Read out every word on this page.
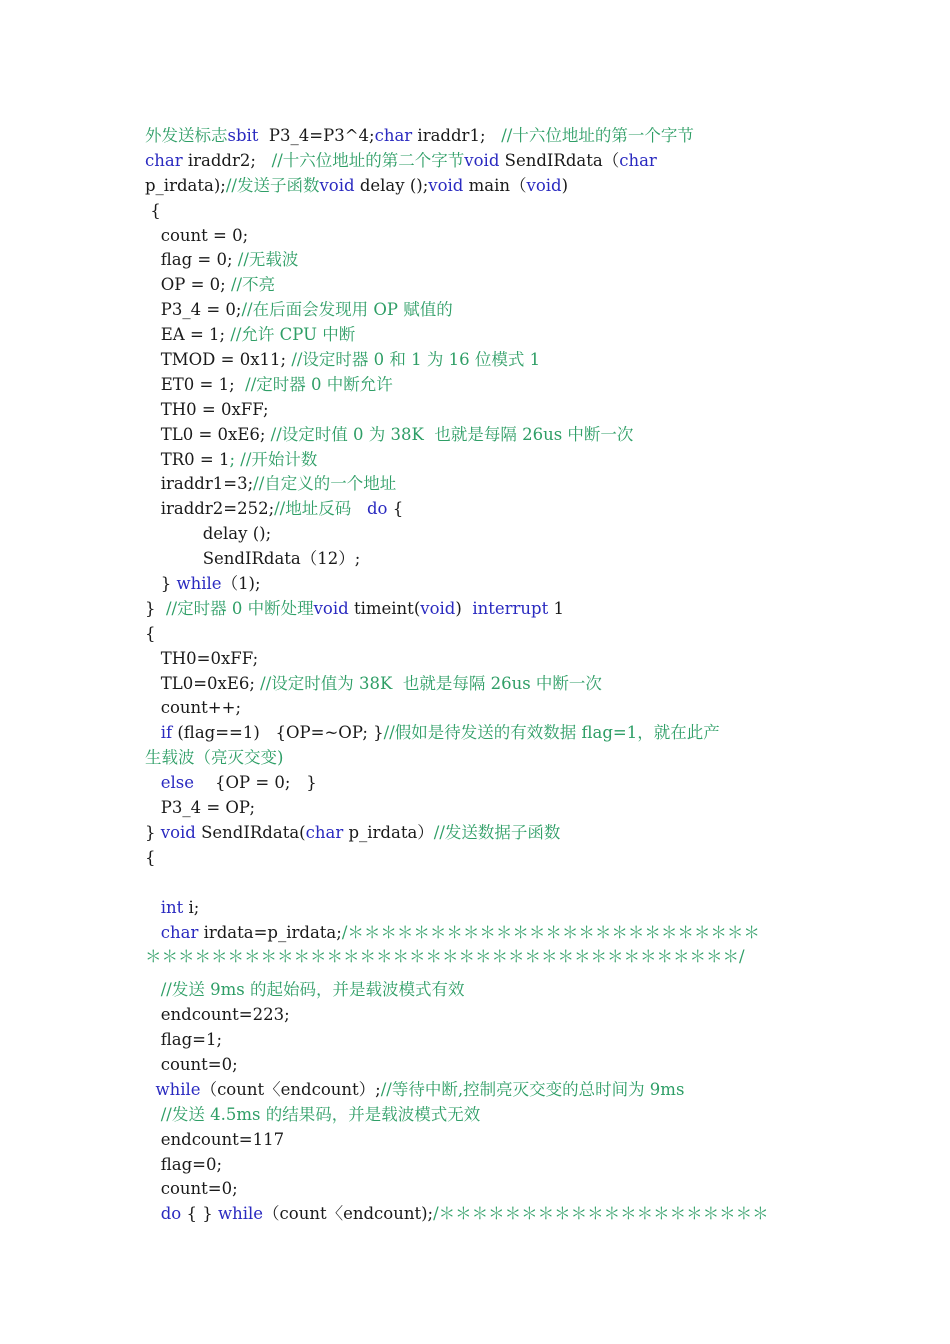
外发送标志sbit  P3_4=P3^4;char iraddr1;   //十六位地址的第一个字节
char iraddr2;   //十六位地址的第二个字节void SendIRdata（char
p_irdata);//发送子函数void delay ();void main（void)
{
count = 0;
flag = 0; //无载波
OP = 0; //不亮
P3_4 = 0;//在后面会发现用 OP 赋值的
EA = 1; //允许 CPU 中断
TMOD = 0x11; //设定时器 0 和 1 为 16 位模式 1
ET0 = 1;  //定时器 0 中断允许
TH0 = 0xFF;
TL0 = 0xE6; //设定时值 0 为 38K  也就是每隔 26us 中断一次
TR0 = 1; //开始计数
iraddr1=3;//自定义的一个地址
iraddr2=252;//地址反码   do {
delay ();
SendIRdata（12）;
} while（1);
}  //定时器 0 中断处理void timeint(void)  interrupt 1
{
TH0=0xFF;
TL0=0xE6; //设定时值为 38K  也就是每隔 26us 中断一次
count++;
if (flag==1)   {OP=~OP; }//假如是待发送的有效数据 flag=1，就在此产
生载波（亮灭交变)
else    {OP = 0;   }
P3_4 = OP;
} void SendIRdata(char p_irdata）//发送数据子函数
{
int i;
char irdata=p_irdata;/＊＊＊＊＊＊＊＊＊＊＊＊＊＊＊＊＊＊＊＊＊＊＊＊＊
＊＊＊＊＊＊＊＊＊＊＊＊＊＊＊＊＊＊＊＊＊＊＊＊＊＊＊＊＊＊＊＊＊＊＊＊/
//发送 9ms 的起始码，并是载波模式有效
endcount=223;
flag=1;
count=0;
while（count〈endcount）;//等待中断,控制亮灭交变的总时间为 9ms
//发送 4.5ms 的结果码，并是载波模式无效
endcount=117
flag=0;
count=0;
do { } while（count〈endcount);/＊＊＊＊＊＊＊＊＊＊＊＊＊＊＊＊＊＊＊＊
